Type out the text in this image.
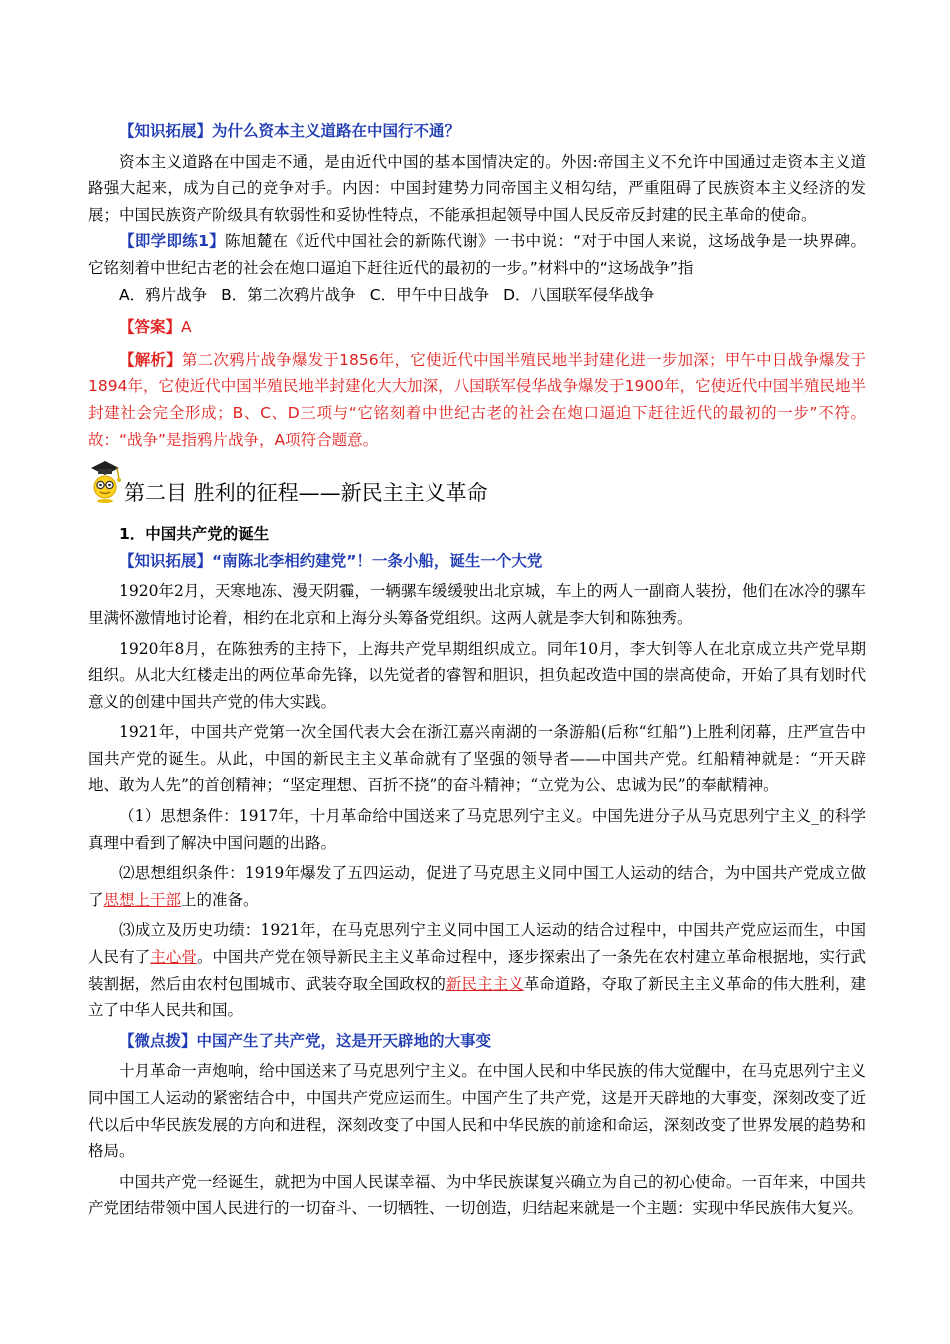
【知识拓展】为什么资本主义道路在中国行不通？

资本主义道路在中国走不通，是由近代中国的基本国情决定的。外因:帝国主义不允许中国通过走资本主义道路强大起来，成为自己的竞争对手。内因：中国封建势力同帝国主义相勾结，严重阻碍了民族资本主义经济的发展；中国民族资产阶级具有软弱性和妥协性特点，不能承担起领导中国人民反帝反封建的民主革命的使命。

【即学即练1】陈旭麓在《近代中国社会的新陈代谢》一书中说：“对于中国人来说，这场战争是一块界碑。它铭刻着中世纪古老的社会在炮口逼迫下赶往近代的最初的一步。”材料中的“这场战争”指

A．鸦片战争 B．第二次鸦片战争 C．甲午中日战争 D．八国联军侵华战争

【答案】A

【解析】第二次鸦片战争爆发于1856年，它使近代中国半殖民地半封建化进一步加深；甲午中日战争爆发于1894年，它使近代中国半殖民地半封建化大大加深，八国联军侵华战争爆发于1900年，它使近代中国半殖民地半封建社会完全形成；B、C、D三项与“它铭刻着中世纪古老的社会在炮口逼迫下赶往近代的最初的一步”不符。故：“战争”是指鸦片战争，A项符合题意。

第二目 胜利的征程——新民主主义革命

1．中国共产党的诞生

【知识拓展】“南陈北李相约建党”！一条小船，诞生一个大党

1920年2月，天寒地冻、漫天阴霾，一辆骡车缓缓驶出北京城，车上的两人一副商人装扮，他们在冰冷的骡车里满怀激情地讨论着，相约在北京和上海分头筹备党组织。这两人就是李大钊和陈独秀。

1920年8月，在陈独秀的主持下，上海共产党早期组织成立。同年10月，李大钊等人在北京成立共产党早期组织。从北大红楼走出的两位革命先锋，以先觉者的睿智和胆识，担负起改造中国的崇高使命，开始了具有划时代意义的创建中国共产党的伟大实践。

1921年，中国共产党第一次全国代表大会在浙江嘉兴南湖的一条游船(后称“红船”)上胜利闭幕，庄严宣告中国共产党的诞生。从此，中国的新民主主义革命就有了坚强的领导者——中国共产党。红船精神就是：“开天辟地、敢为人先”的首创精神；“坚定理想、百折不挠”的奋斗精神；“立党为公、忠诚为民”的奉献精神。

（1）思想条件：1917年，十月革命给中国送来了马克思列宁主义。中国先进分子从马克思列宁主义_的科学真理中看到了解决中国问题的出路。

⑵思想组织条件：1919年爆发了五四运动，促进了马克思主义同中国工人运动的结合，为中国共产党成立做了思想上干部上的准备。

⑶成立及历史功绩：1921年，在马克思列宁主义同中国工人运动的结合过程中，中国共产党应运而生，中国人民有了主心骨。中国共产党在领导新民主主义革命过程中，逐步探索出了一条先在农村建立革命根据地，实行武装割据，然后由农村包围城市、武装夺取全国政权的新民主主义革命道路，夺取了新民主主义革命的伟大胜利，建立了中华人民共和国。

【微点拨】中国产生了共产党，这是开天辟地的大事变

十月革命一声炮响，给中国送来了马克思列宁主义。在中国人民和中华民族的伟大觉醒中，在马克思列宁主义同中国工人运动的紧密结合中，中国共产党应运而生。中国产生了共产党，这是开天辟地的大事变，深刻改变了近代以后中华民族发展的方向和进程，深刻改变了中国人民和中华民族的前途和命运，深刻改变了世界发展的趋势和格局。

中国共产党一经诞生，就把为中国人民谋幸福、为中华民族谋复兴确立为自己的初心使命。一百年来，中国共产党团结带领中国人民进行的一切奋斗、一切牺牲、一切创造，归结起来就是一个主题：实现中华民族伟大复兴。
